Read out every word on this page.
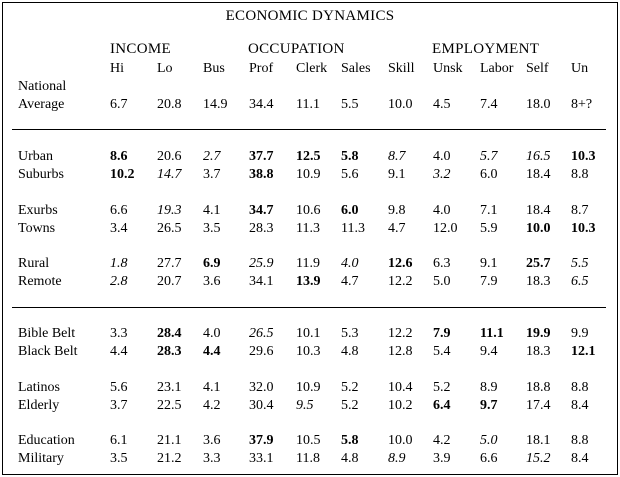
ECONOMIC DYNAMICS
INCOME	OCCUPATION	EMPLOYMENT
Hi Lo Bus Prof Clerk Sales Skill Unsk Labor Self Un
National
Average	6.7 20.8 14.9 34.4 11.1 5.5 10.0 4.5 7.4 18.0 8+?
Urban	8.6 20.6 2.7 37.7 12.5 5.8 8.7 4.0 5.7 16.5 10.3
Suburbs	10.2 14.7 3.7 38.8 10.9 5.6 9.1 3.2 6.0 18.4 8.8
Exurbs	6.6 19.3 4.1 34.7 10.6 6.0 9.8 4.0 7.1 18.4 8.7
Towns	3.4 26.5 3.5 28.3 11.3 11.3 4.7 12.0 5.9 10.0 10.3
Rural	1.8 27.7 6.9 25.9 11.9 4.0 12.6 6.3 9.1 25.7 5.5
Remote	2.8 20.7 3.6 34.1 13.9 4.7 12.2 5.0 7.9 18.3 6.5
Bible Belt 3.3 28.4 4.0 26.5 10.1 5.3 12.2 7.9 11.1 19.9 9.9
Black Belt 4.4 28.3 4.4 29.6 10.3 4.8 12.8 5.4 9.4 18.3 12.1
Latinos	5.6 23.1 4.1 32.0 10.9 5.2 10.4 5.2 8.9 18.8 8.8
Elderly	3.7 22.5 4.2 30.4 9.5 5.2 10.2 6.4 9.7 17.4 8.4
Education	6.1 21.1 3.6 37.9 10.5 5.8 10.0 4.2 5.0 18.1 8.8
Military	3.5 21.2 3.3 33.1 11.8 4.8 8.9 3.9 6.6 15.2 8.4
